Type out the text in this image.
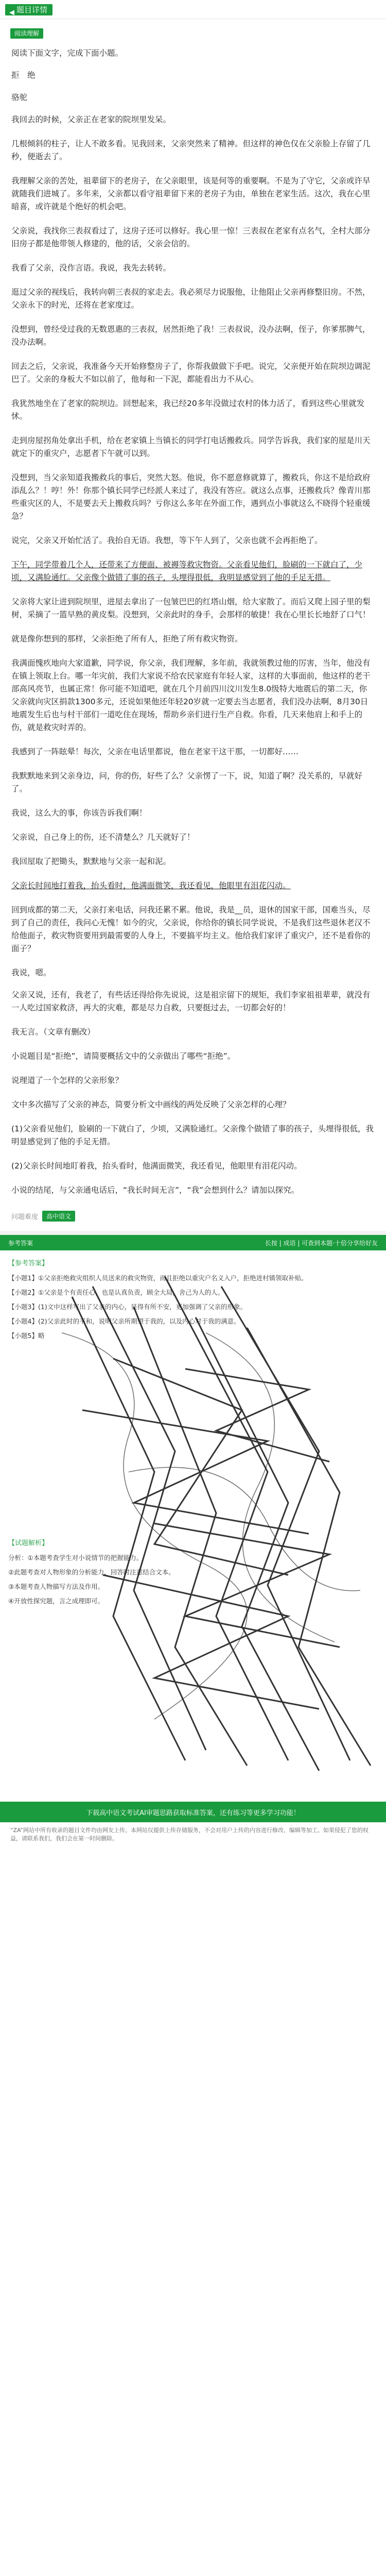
◀ 题目详情
阅读理解

阅读下面文字，完成下面小题。

拒　绝

骆驼

我回去的时候，父亲正在老家的院坝里发呆。

几根倾斜的柱子，让人不敢多看。见我回来，父亲突然来了精神。但这样的神色仅在父亲脸上存留了几秒，便逝去了。

我理解父亲的苦处，祖辈留下的老房子，在父亲眼里，该是何等的重要啊。不是为了守它，父亲或许早就随我们进城了。多年来，父亲都以看守祖辈留下来的老房子为由，单独在老家生活。这次，我在心里暗喜，或许就是个绝好的机会吧。

父亲说，我找你三表叔看过了，这房子还可以修好。我心里一惊！三表叔在老家有点名气，全村大部分旧房子都是他带领人修建的，他的话，父亲会信的。

我看了父亲，没作言语。我说，我先去转转。

逛过父亲的视线后，我转向朝三表叔的家走去。我必须尽力说服他，让他阻止父亲再修整旧房。不然，父亲永下的时光，还将在老家度过。

没想到，曾经受过我的无数恩惠的三表叔，居然拒绝了我！三表叔说，没办法啊，侄子，你爹那脾气，没办法啊。

回去之后，父亲说，我准备今天开始修整房子了，你帮我做做下手吧。说完，父亲便开始在院坝边调泥巴了。父亲的身板大不如以前了，他每和一下泥，都能看出力不从心。

我犹然地坐在了老家的院坝边。回想起来，我已经20多年没做过农村的体力活了，看到这些心里就发怵。

走到房屋拐角处拿出手机，给在老家镇上当镇长的同学打电话搬救兵。同学告诉我，我们家的屋是川天就定下的重灾户，志愿者下午就可以到。

没想到，当父亲知道我搬救兵的事后，突然大怒。他说，你不愿意修就算了，搬救兵，你这不是给政府添乱么？！哼！外！你那个镇长同学已经派人来过了，我没有答应。就这么点事，还搬救兵？像青川那些重灾区的人，不是要去天上搬救兵吗？亏你这么多年在外面工作，遇到点小事就这么不晓得个轻重缓急？

说完，父亲又开始忙活了。我抬自无语。我想，等下午人到了，父亲也就不会再拒绝了。

下午，同学带着几个人，还带来了方便面、被褥等救灾物资。父亲看见他们，脸刷的一下就白了，少顷，又满脸通红。父亲像个做错了事的孩子，头埋得很低，我明显感觉到了他的手足无措。

父亲将大家让进到院坝里，进屋去拿出了一包皱巴巴的红塔山烟，给大家散了。而后又爬上园子里的梨树，采摘了一篮早熟的黄皮梨。没想到，父亲此时的身手，会那样的敏捷！我在心里长长地舒了口气！

就是像你想到的那样，父亲拒绝了所有人，拒绝了所有救灾物资。

我满面愧疚地向大家道歉，同学说，你父亲，我们理解，多年前，我就领教过他的厉害，当年，他没有在镇上领取上台。哪一年灾前，我们大家说不给农民家庭有年轻人家，这样的大事面前，他这样的老干部高风亮节，也属正常！你可能不知道吧，就在几个月前四川汶川发生8.0级特大地震后的第二天，你父亲就向灾区捐款1300多元，还说如果他还年轻20岁就一定要去当志愿者，我们没办法啊，8月30日地震发生后也与村干部们一道吃住在现场，帮助乡亲们进行生产自救。你看，几天来他肩上和手上的伤，就是救灾时弄的。

我感到了一阵眩晕！每次，父亲在电话里都说，他在老家干这干那，一切都好……

我默默地来到父亲身边，问，你的伤，好些了么？父亲愣了一下，说，知道了啊？没关系的，早就好了。

我说，这么大的事，你该告诉我们啊！

父亲说，自己身上的伤，还不清楚么？几天就好了！

我回屋取了把锄头，默默地与父亲一起和泥。

父亲长时间地打着我，抬头看时，他满面微笑，我还看见，他眼里有泪花闪动。

回到成都的第二天，父亲打来电话，问我还累不累。他说，我是__员，退休的国家干部，国难当头，尽到了自己的责任，我问心无愧！如今的灾，父亲说，你给你的镇长同学说说，不是我们这些退休老汉不给他面子，救灾物资要用到最需要的人身上，不要搞平均主义。他给我们家评了重灾户，还不是看你的面子？

我说，嗯。

父亲又说，还有，我老了，有些话还得给你先说说，这是祖宗留下的规矩，我们李家祖祖辈辈，就没有一人吃过国家救济，再大的灾难，都是尽力自救，只要挺过去，一切都会好的！

我无言。（文章有删改）

小说题目是“拒绝”，请简要概括文中的父亲做出了哪些“拒绝”。

说理道了一个怎样的父亲形象？

文中多次描写了父亲的神态，简要分析文中画线的两处反映了父亲怎样的心理？

(1)父亲看见他们，脸刷的一下就白了，少顷，又满脸通红。父亲像个做错了事的孩子，头埋得很低，我明显感觉到了他的手足无措。

(2)父亲长时间地盯着我，抬头看时，他满面微笑，我还看见，他眼里有泪花闪动。

小说的结尾，与父亲通电话后，“我长时间无言”，“我”会想到什么？请加以探究。

问题难度	高中语文
参考答案	长按 | 成语 | 可查到本题·十倍分享给好友
【参考答案】
【小题1】①父亲拒绝救灾组织人员送来的救灾物资，而且拒绝以重灾户名义入户，拒绝进村镇领取补贴。
【小题2】①父亲是个有责任心，也是认真负责，顾全大局，舍己为人的人。
【小题3】(1)文中这样写出了父亲的内心，显得有所不安，更加强调了父亲的形象。
【小题4】(2)父亲此时的平和，说明父亲所期望于我的，以及内心对于我的满意。
【小题5】略
【试题解析】
分析：①本题考查学生对小说情节的把握能力。
②此题考查对人物形象的分析能力，回答时注意结合文本。
③本题考查人物描写方法及作用。
④开放性探究题，言之成理即可。
下载高中语文考试AI审题思路获取标准答案，还有练习等更多学习功能！
“ZA”网站中所有收录的题目文件均由网友上传。本网站仅提供上传存储服务，不会对用户上传的内容进行修改、编辑等加工。如果侵犯了您的权益，请联系我们，我们会在第一时间删除。
